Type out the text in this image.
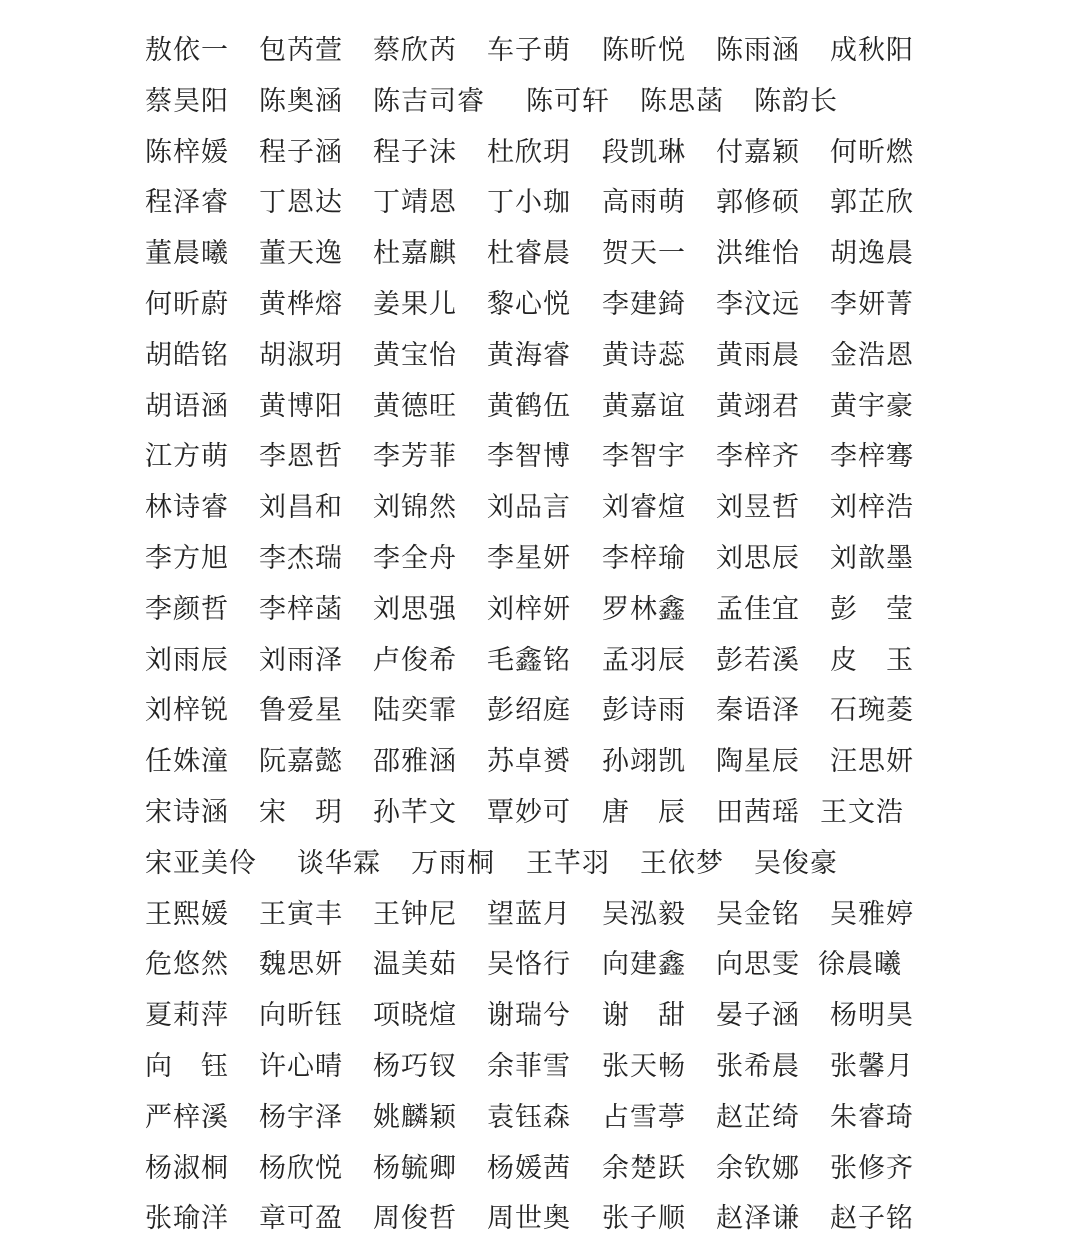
敖依一 包芮萱 蔡欣芮 车子萌 陈昕悦 陈雨涵 成秋阳
蔡昊阳 陈奥涵 陈吉司睿 陈可轩 陈思菡 陈韵长
陈梓媛 程子涵 程子沫 杜欣玥 段凯琳 付嘉颖 何昕燃
程泽睿 丁恩达 丁靖恩 丁小珈 高雨萌 郭修硕 郭芷欣
董晨曦 董天逸 杜嘉麒 杜睿晨 贺天一 洪维怡 胡逸晨
何昕蔚 黄桦熔 姜果儿 黎心悦 李建錡 李汶远 李妍菁
胡皓铭 胡淑玥 黄宝怡 黄海睿 黄诗蕊 黄雨晨 金浩恩
胡语涵 黄博阳 黄德旺 黄鹤伍 黄嘉谊 黄翊君 黄宇豪
江方萌 李恩哲 李芳菲 李智博 李智宇 李梓齐 李梓骞
林诗睿 刘昌和 刘锦然 刘品言 刘睿煊 刘昱哲 刘梓浩
李方旭 李杰瑞 李全舟 李星妍 李梓瑜 刘思辰 刘歆墨
李颜哲 李梓菡 刘思强 刘梓妍 罗林鑫 孟佳宜 彭　莹
刘雨辰 刘雨泽 卢俊希 毛鑫铭 孟羽辰 彭若溪 皮　玉
刘梓锐 鲁爱星 陆奕霏 彭绍庭 彭诗雨 秦语泽 石琬菱
任姝潼 阮嘉懿 邵雅涵 苏卓赟 孙翊凯 陶星辰 汪思妍
宋诗涵 宋　玥 孙芊文 覃妙可 唐　辰 田茜瑶 王文浩
宋亚美伶 谈华霖 万雨桐 王芊羽 王依梦 吴俊豪
王熙媛 王寅丰 王钟尼 望蓝月 吴泓毅 吴金铭 吴雅婷
危悠然 魏思妍 温美茹 吴恪行 向建鑫 向思雯 徐晨曦
夏莉萍 向昕钰 项晓煊 谢瑞兮 谢　甜 晏子涵 杨明昊
向　钰 许心晴 杨巧钗 余菲雪 张天畅 张希晨 张馨月
严梓溪 杨宇泽 姚麟颖 袁钰森 占雪葶 赵芷绮 朱睿琦
杨淑桐 杨欣悦 杨毓卿 杨媛茜 余楚跃 余钦娜 张修齐
张瑜洋 章可盈 周俊哲 周世奥 张子顺 赵泽谦 赵子铭
